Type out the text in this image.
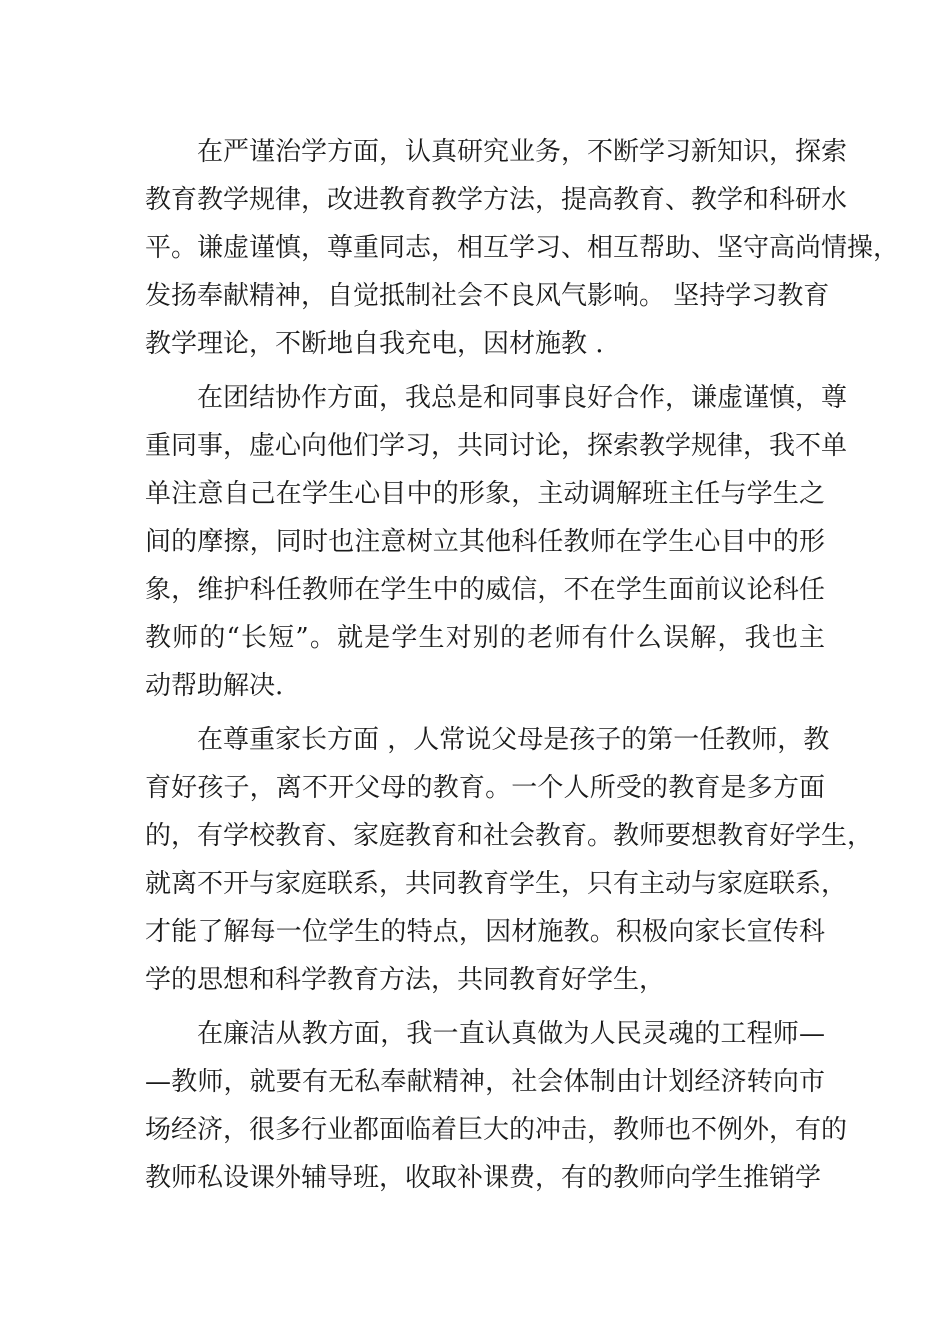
在严谨治学方面，认真研究业务，不断学习新知识，探索
教育教学规律，改进教育教学方法，提高教育、教学和科研水
平。谦虚谨慎，尊重同志，相互学习、相互帮助、坚守高尚情操，
发扬奉献精神，自觉抵制社会不良风气影响。 坚持学习教育
教学理论，不断地自我充电，因材施教 .
在团结协作方面，我总是和同事良好合作，谦虚谨慎，尊
重同事，虚心向他们学习，共同讨论，探索教学规律，我不单
单注意自己在学生心目中的形象，主动调解班主任与学生之
间的摩擦，同时也注意树立其他科任教师在学生心目中的形
象，维护科任教师在学生中的威信，不在学生面前议论科任
教师的“长短”。就是学生对别的老师有什么误解，我也主
动帮助解决.
在尊重家长方面 ，人常说父母是孩子的第一任教师，教
育好孩子，离不开父母的教育。一个人所受的教育是多方面
的，有学校教育、家庭教育和社会教育。教师要想教育好学生，
就离不开与家庭联系，共同教育学生，只有主动与家庭联系，
才能了解每一位学生的特点，因材施教。积极向家长宣传科
学的思想和科学教育方法，共同教育好学生，
在廉洁从教方面，我一直认真做为人民灵魂的工程师—
—教师，就要有无私奉献精神，社会体制由计划经济转向市
场经济，很多行业都面临着巨大的冲击，教师也不例外，有的
教师私设课外辅导班，收取补课费，有的教师向学生推销学
